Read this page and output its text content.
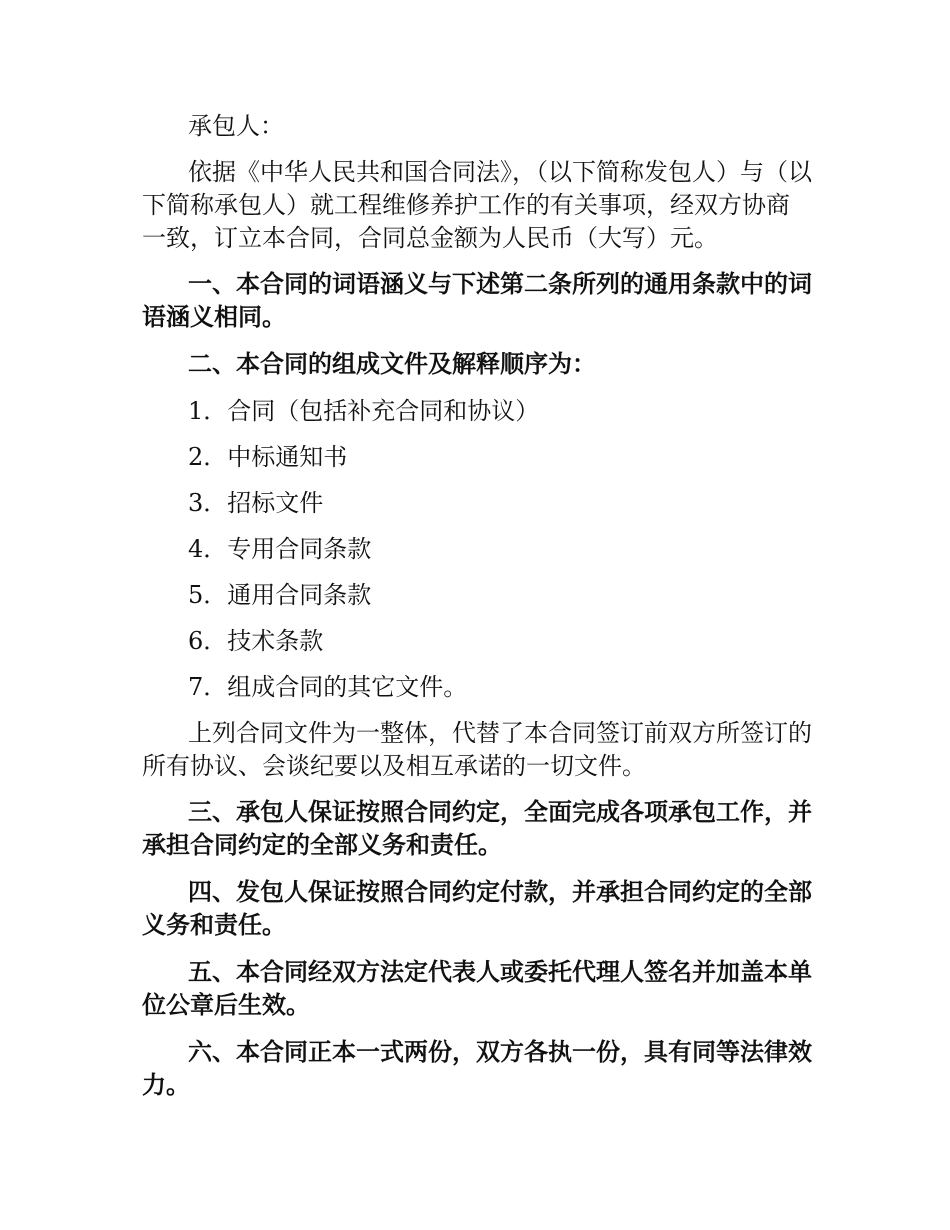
承包人：

依据《中华人民共和国合同法》，（以下简称发包人）与（以下简称承包人）就工程维修养护工作的有关事项，经双方协商一致，订立本合同，合同总金额为人民币（大写）元。

一、本合同的词语涵义与下述第二条所列的通用条款中的词语涵义相同。

二、本合同的组成文件及解释顺序为：

1．合同（包括补充合同和协议）

2．中标通知书

3．招标文件

4．专用合同条款

5．通用合同条款

6．技术条款

7．组成合同的其它文件。

上列合同文件为一整体，代替了本合同签订前双方所签订的所有协议、会谈纪要以及相互承诺的一切文件。

三、承包人保证按照合同约定，全面完成各项承包工作，并承担合同约定的全部义务和责任。

四、发包人保证按照合同约定付款，并承担合同约定的全部义务和责任。

五、本合同经双方法定代表人或委托代理人签名并加盖本单位公章后生效。

六、本合同正本一式两份，双方各执一份，具有同等法律效力。
